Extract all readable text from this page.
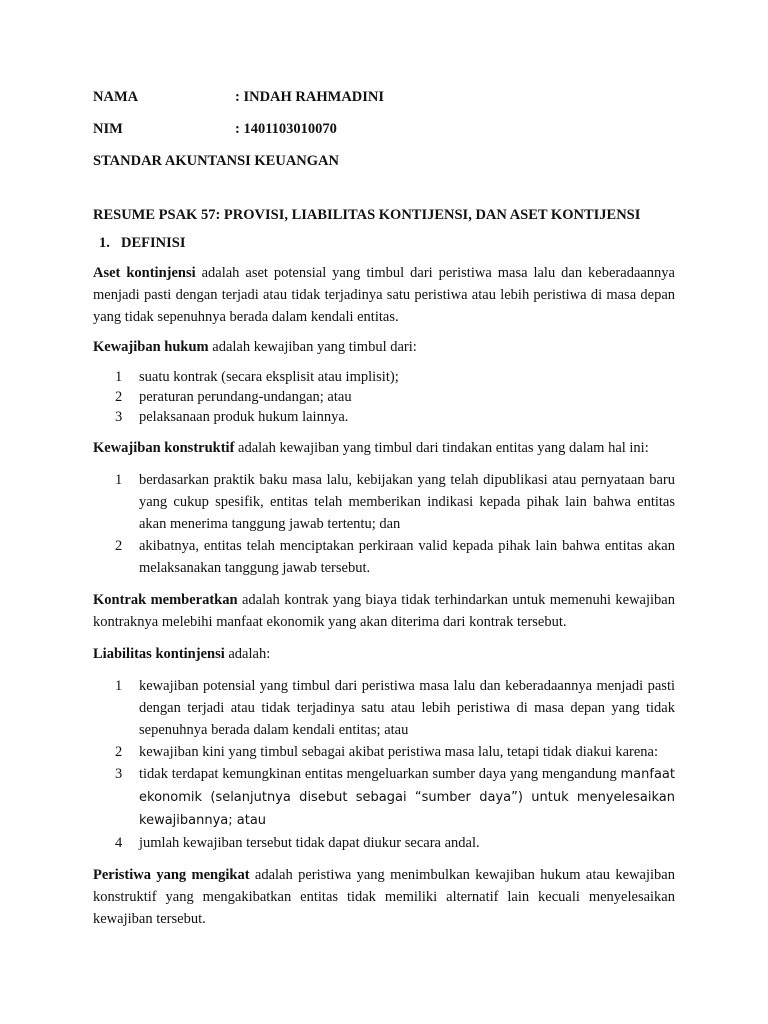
NAMA	: INDAH RAHMADINI
NIM	: 1401103010070
STANDAR AKUNTANSI KEUANGAN
RESUME PSAK 57: PROVISI, LIABILITAS KONTIJENSI, DAN ASET KONTIJENSI
1. DEFINISI

Aset kontinjensi adalah aset potensial yang timbul dari peristiwa masa lalu dan keberadaannya menjadi pasti dengan terjadi atau tidak terjadinya satu peristiwa atau lebih peristiwa di masa depan yang tidak sepenuhnya berada dalam kendali entitas.

Kewajiban hukum adalah kewajiban yang timbul dari:

1	suatu kontrak (secara eksplisit atau implisit);
2	peraturan perundang-undangan; atau
3	pelaksanaan produk hukum lainnya.

Kewajiban konstruktif adalah kewajiban yang timbul dari tindakan entitas yang dalam hal ini:

1	berdasarkan praktik baku masa lalu, kebijakan yang telah dipublikasi atau pernyataan baru yang cukup spesifik, entitas telah memberikan indikasi kepada pihak lain bahwa entitas akan menerima tanggung jawab tertentu; dan
2	akibatnya, entitas telah menciptakan perkiraan valid kepada pihak lain bahwa entitas akan melaksanakan tanggung jawab tersebut.

Kontrak memberatkan adalah kontrak yang biaya tidak terhindarkan untuk memenuhi kewajiban kontraknya melebihi manfaat ekonomik yang akan diterima dari kontrak tersebut.

Liabilitas kontinjensi adalah:

1	kewajiban potensial yang timbul dari peristiwa masa lalu dan keberadaannya menjadi pasti dengan terjadi atau tidak terjadinya satu atau lebih peristiwa di masa depan yang tidak sepenuhnya berada dalam kendali entitas; atau
2	kewajiban kini yang timbul sebagai akibat peristiwa masa lalu, tetapi tidak diakui karena:
3	tidak terdapat kemungkinan entitas mengeluarkan sumber daya yang mengandung manfaat ekonomik (selanjutnya disebut sebagai “sumber daya”) untuk menyelesaikan kewajibannya; atau
4	jumlah kewajiban tersebut tidak dapat diukur secara andal.

Peristiwa yang mengikat adalah peristiwa yang menimbulkan kewajiban hukum atau kewajiban konstruktif yang mengakibatkan entitas tidak memiliki alternatif lain kecuali menyelesaikan kewajiban tersebut.
